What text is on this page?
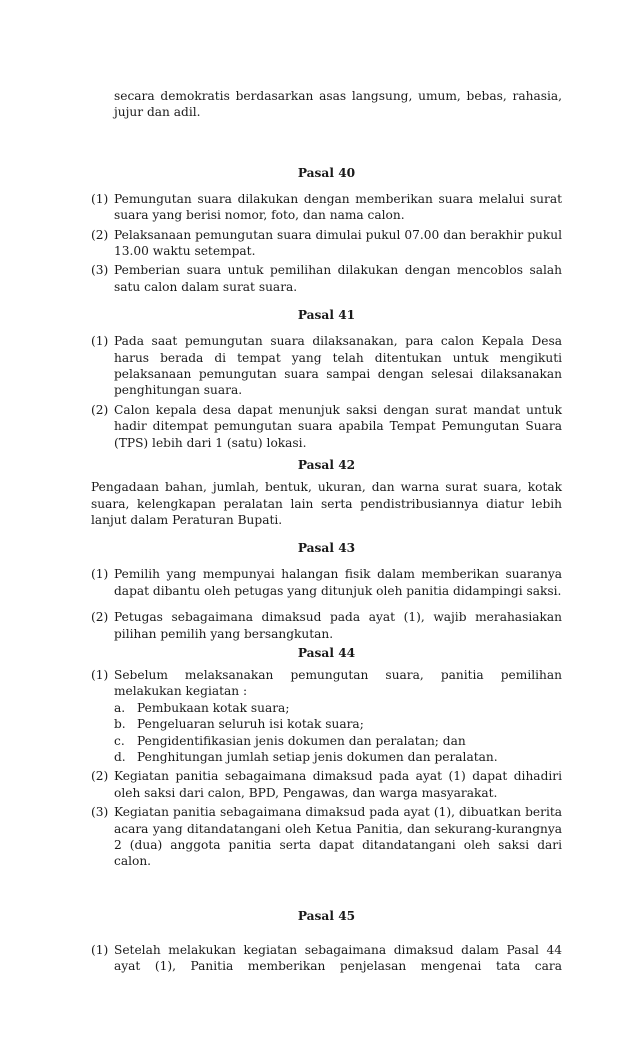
secara demokratis berdasarkan asas langsung, umum, bebas, rahasia, jujur dan adil.
Pasal 40
(1) Pemungutan suara dilakukan dengan memberikan suara melalui surat suara yang berisi nomor, foto, dan nama calon.
(2) Pelaksanaan pemungutan suara dimulai pukul 07.00 dan berakhir pukul 13.00 waktu setempat.
(3) Pemberian suara untuk pemilihan dilakukan dengan mencoblos salah satu calon dalam surat suara.
Pasal 41
(1) Pada saat pemungutan suara dilaksanakan, para calon Kepala Desa harus berada di tempat yang telah ditentukan untuk mengikuti pelaksanaan pemungutan suara sampai dengan selesai dilaksanakan penghitungan suara.
(2) Calon kepala desa dapat menunjuk saksi dengan surat mandat untuk hadir ditempat pemungutan suara apabila Tempat Pemungutan Suara (TPS) lebih dari 1 (satu) lokasi.
Pasal 42
Pengadaan bahan, jumlah, bentuk, ukuran, dan warna surat suara, kotak suara, kelengkapan peralatan lain serta pendistribusiannya diatur lebih lanjut dalam Peraturan Bupati.
Pasal 43
(1) Pemilih yang mempunyai halangan fisik dalam memberikan suaranya dapat dibantu oleh petugas yang ditunjuk oleh panitia didampingi saksi.
(2) Petugas sebagaimana dimaksud pada ayat (1), wajib merahasiakan pilihan pemilih yang bersangkutan.
Pasal 44
(1) Sebelum melaksanakan pemungutan suara, panitia pemilihan
melakukan kegiatan :
a. Pembukaan kotak suara;
b. Pengeluaran seluruh isi kotak suara;
c.	Pengidentifikasian jenis dokumen dan peralatan; dan
d. Penghitungan jumlah setiap jenis dokumen dan peralatan.
(2) Kegiatan panitia sebagaimana dimaksud pada ayat (1) dapat dihadiri oleh saksi dari calon, BPD, Pengawas, dan warga masyarakat.
(3) Kegiatan panitia sebagaimana dimaksud pada ayat (1), dibuatkan berita acara yang ditandatangani oleh Ketua Panitia, dan sekurang-kurangnya 2 (dua) anggota panitia serta dapat ditandatangani oleh saksi dari calon.
Pasal 45
(1) Setelah melakukan kegiatan sebagaimana dimaksud dalam Pasal 44
ayat (1), Panitia memberikan penjelasan mengenai tata cara
